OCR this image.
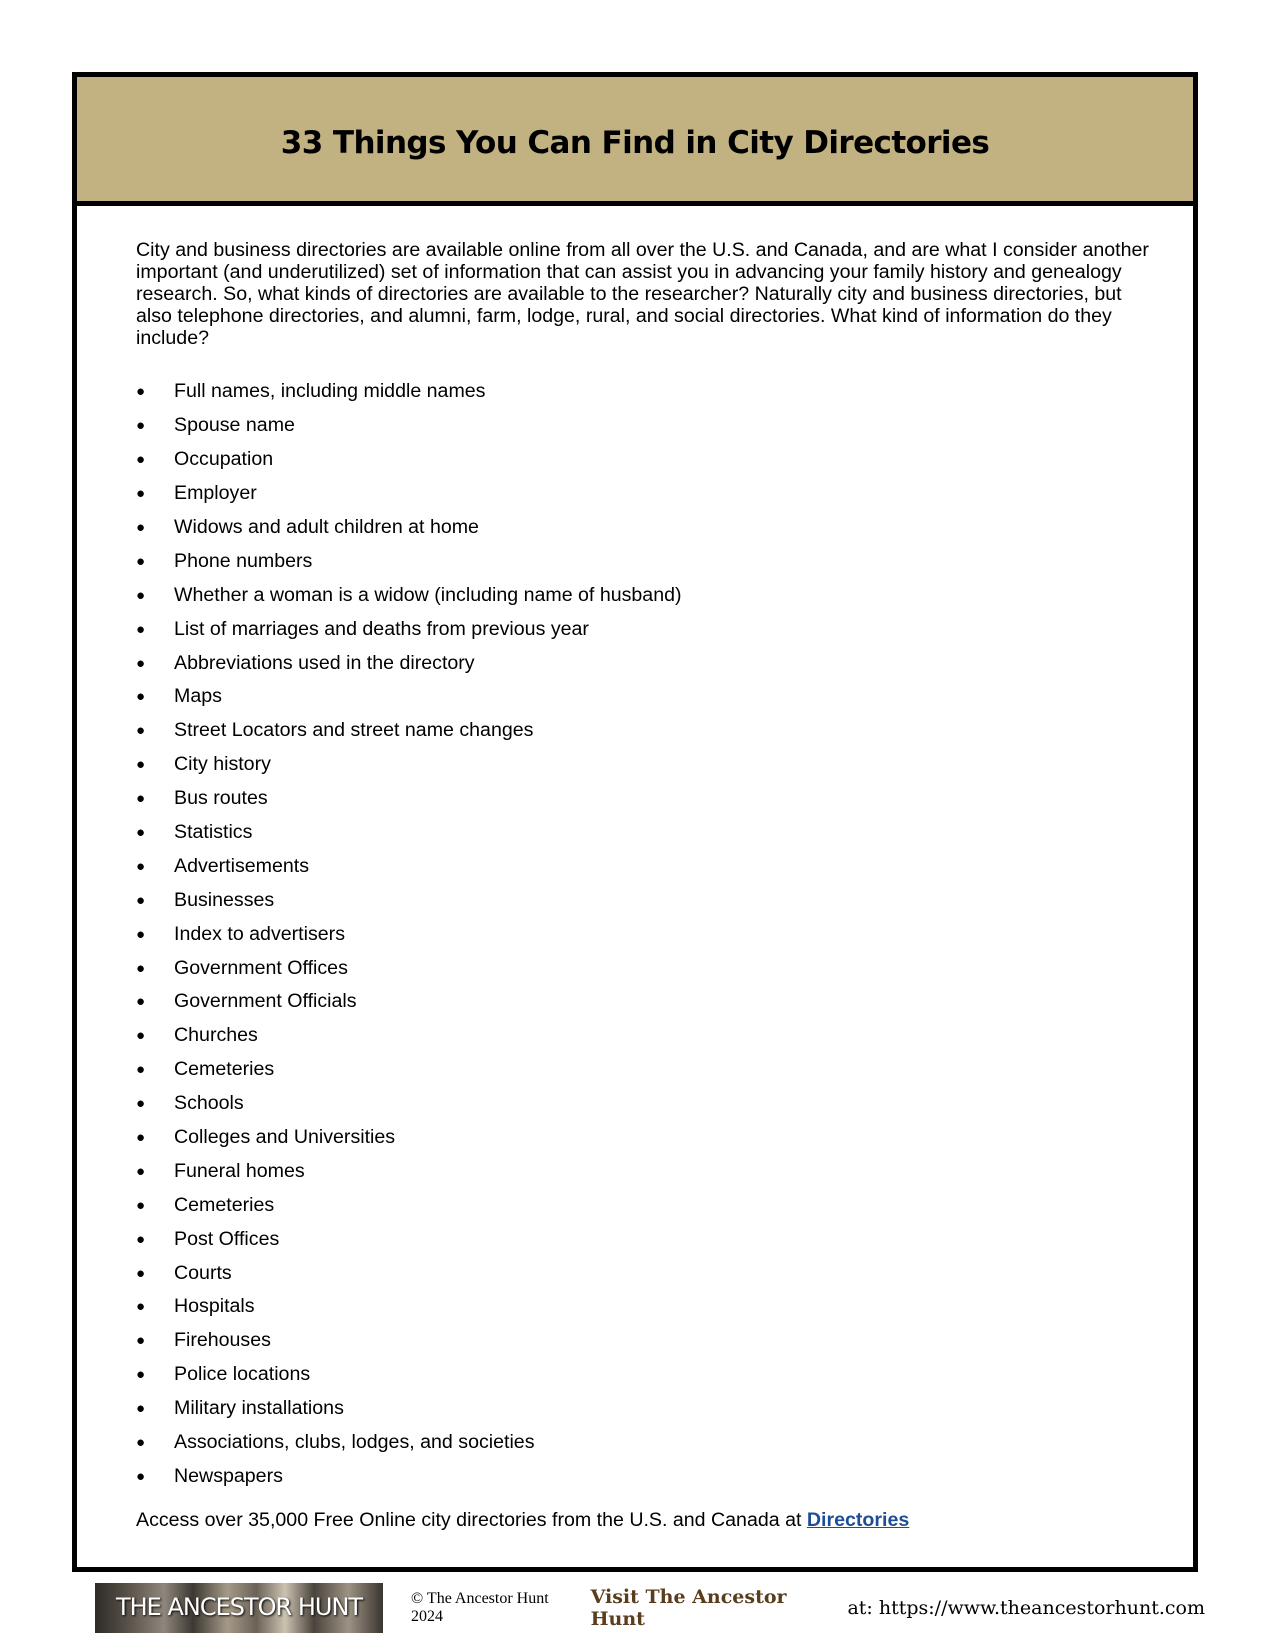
33 Things You Can Find in City Directories

City and business directories are available online from all over the U.S. and Canada, and are what I consider another important (and underutilized) set of information that can assist you in advancing your family history and genealogy research. So, what kinds of directories are available to the researcher? Naturally city and business directories, but also telephone directories, and alumni, farm, lodge, rural, and social directories. What kind of information do they include?

●	Full names, including middle names
●	Spouse name
●	Occupation
●	Employer
●	Widows and adult children at home
●	Phone numbers
●	Whether a woman is a widow (including name of husband)
●	List of marriages and deaths from previous year
●	Abbreviations used in the directory
●	Maps
●	Street Locators and street name changes
●	City history
●	Bus routes
●	Statistics
●	Advertisements
●	Businesses
●	Index to advertisers
●	Government Offices
●	Government Officials
●	Churches
●	Cemeteries
●	Schools
●	Colleges and Universities
●	Funeral homes
●	Cemeteries
●	Post Offices
●	Courts
●	Hospitals
●	Firehouses
●	Police locations
●	Military installations
●	Associations, clubs, lodges, and societies
●	Newspapers
Access over 35,000 Free Online city directories from the U.S. and Canada at Directories
THE ANCESTOR HUNT	© The Ancestor Hunt 2024
Visit The Ancestor Hunt	at: https://www.theancestorhunt.com
